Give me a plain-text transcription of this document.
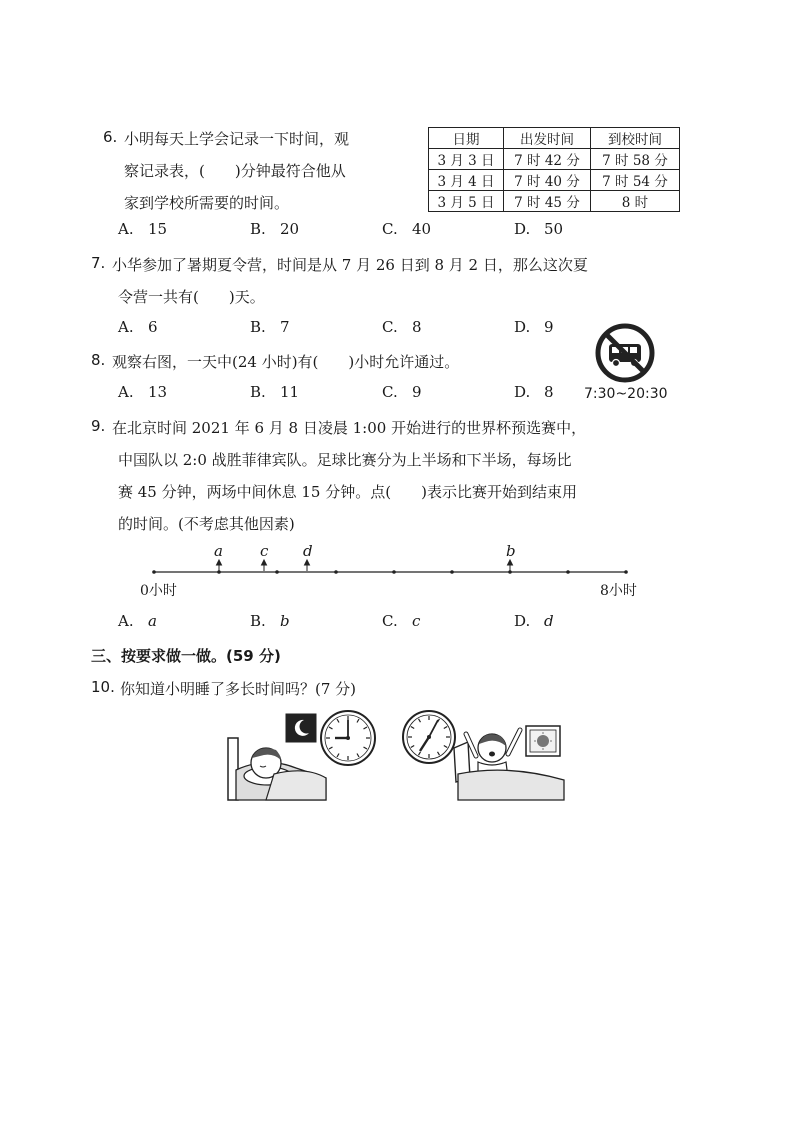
6. 小明每天上学会记录一下时间，观
察记录表，(　　)分钟最符合他从
家到学校所需要的时间。
日期	出发时间	到校时间
3 月 3 日	7 时 42 分	7 时 58 分
3 月 4 日	7 时 40 分	7 时 54 分
3 月 5 日	7 时 45 分	8 时
A. 15	B. 20	C. 40	D. 50
7. 小华参加了暑期夏令营，时间是从 7 月 26 日到 8 月 2 日，那么这次夏
令营一共有(　　)天。
A. 6	B. 7	C. 8	D. 9
8. 观察右图，一天中(24 小时)有(　　)小时允许通过。
7:30~20:30
A. 13	B. 11	C. 9	D. 8
9. 在北京时间 2021 年 6 月 8 日凌晨 1:00 开始进行的世界杯预选赛中，
中国队以 2:0 战胜菲律宾队。足球比赛分为上半场和下半场，每场比
赛 45 分钟，两场中间休息 15 分钟。点(　　)表示比赛开始到结束用
的时间。(不考虑其他因素)
a c d	b
0小时	8小时
A. a	B. b	C. c	D. d
三、按要求做一做。(59 分)
10. 你知道小明睡了多长时间吗？(7 分)
